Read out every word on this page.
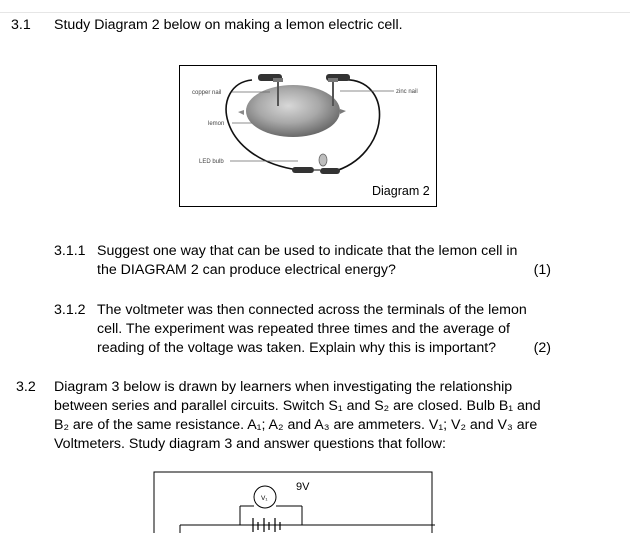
3.1 Study Diagram 2 below on making a lemon electric cell.
copper nail
lemon
LED bulb
zinc nail
Diagram 2
3.1.1 Suggest one way that can be used to indicate that the lemon cell in
the DIAGRAM 2 can produce electrical energy?	(1)
3.1.2 The voltmeter was then connected across the terminals of the lemon
cell. The experiment was repeated three times and the average of
reading of the voltage was taken. Explain why this is important?	(2)
3.2 Diagram 3 below is drawn by learners when investigating the relationship
between series and parallel circuits. Switch S₁ and S₂ are closed. Bulb B₁ and
B₂ are of the same resistance. A₁; A₂ and A₃ are ammeters. V₁; V₂ and V₃ are
Voltmeters. Study diagram 3 and answer questions that follow:
V₁
9V
